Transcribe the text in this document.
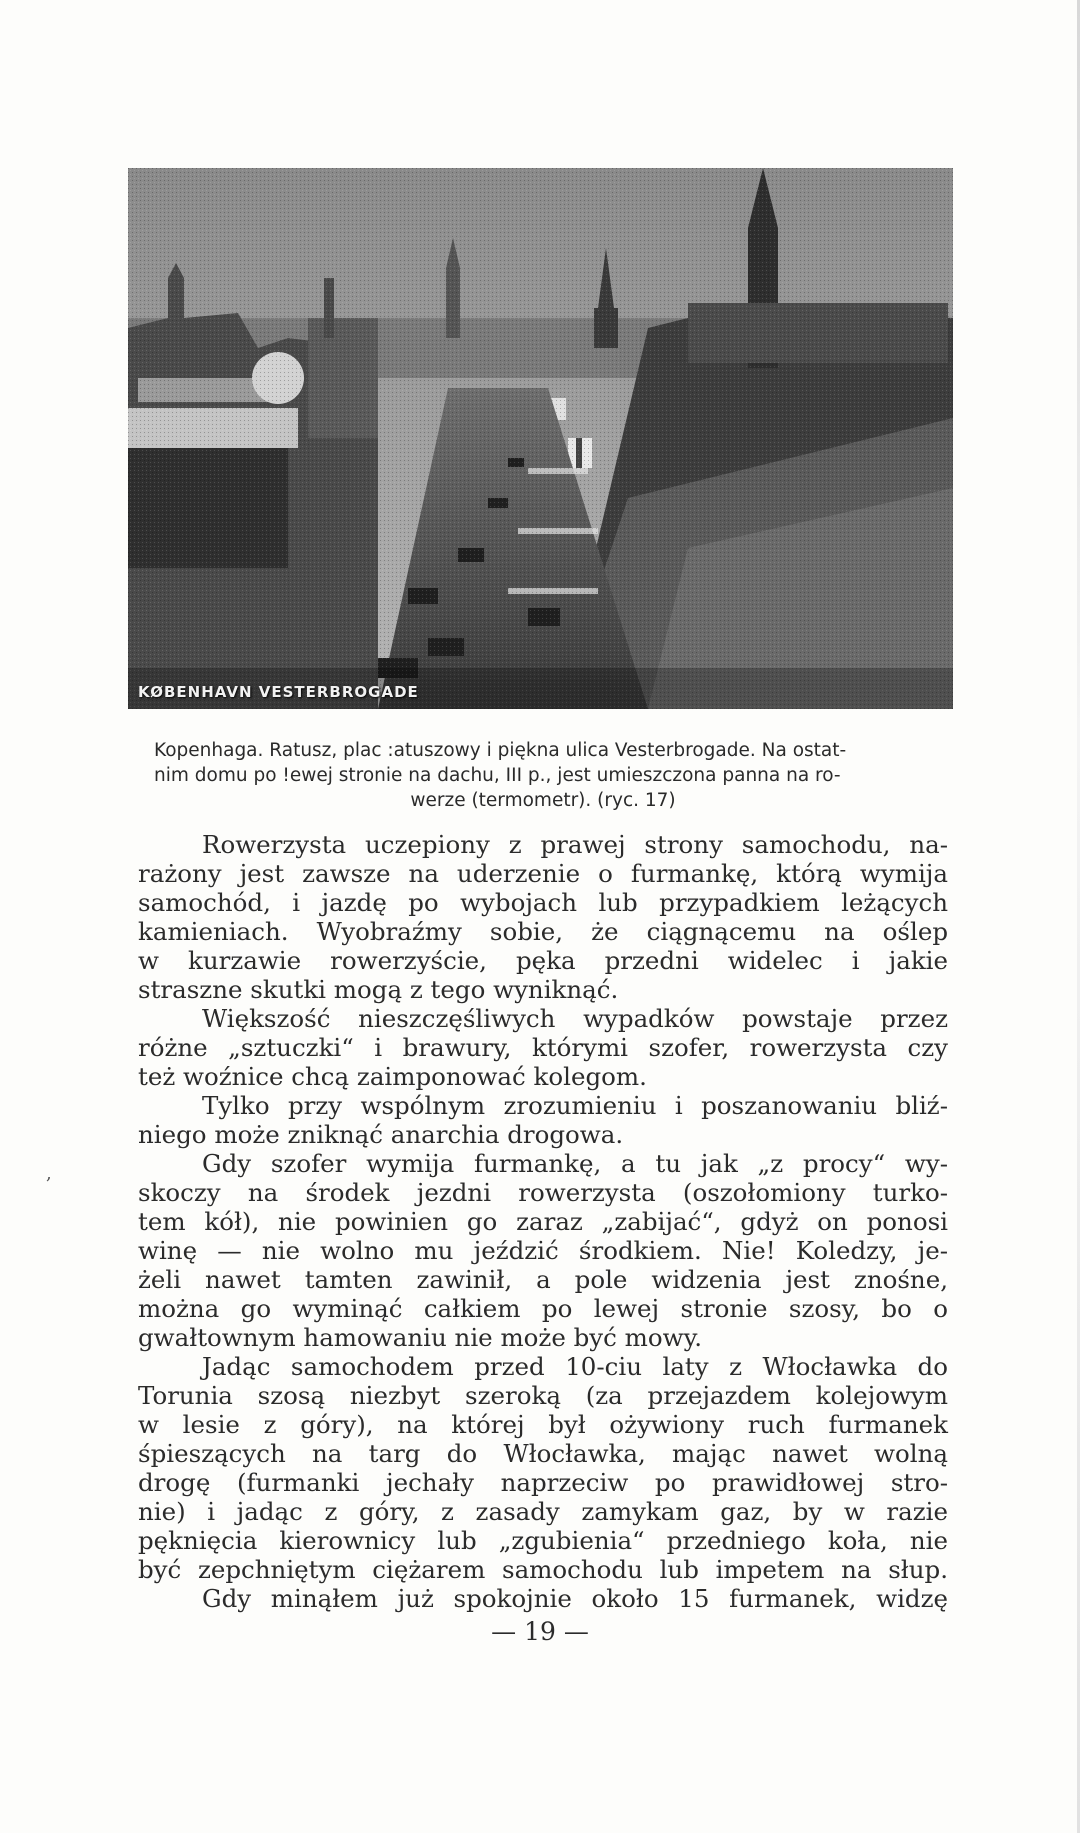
KØBENHAVN VESTERBROGADE
Kopenhaga. Ratusz, plac :atuszowy i piękna ulica Vesterbrogade. Na ostat-
nim domu po !ewej stronie na dachu, III p., jest umieszczona panna na ro-
werze (termometr). (ryc. 17)
Rowerzysta uczepiony z prawej strony samochodu, na-
rażony jest zawsze na uderzenie o furmankę, którą wymija
samochód, i jazdę po wybojach lub przypadkiem leżących
kamieniach. Wyobraźmy sobie, że ciągnącemu na oślep
w kurzawie rowerzyście, pęka przedni widelec i jakie
straszne skutki mogą z tego wyniknąć.
Większość nieszczęśliwych wypadków powstaje przez
różne „sztuczki“ i brawury, którymi szofer, rowerzysta czy
też woźnice chcą zaimponować kolegom.
Tylko przy wspólnym zrozumieniu i poszanowaniu bliź-
niego może zniknąć anarchia drogowa.
Gdy szofer wymija furmankę, a tu jak „z procy“ wy-
skoczy na środek jezdni rowerzysta (oszołomiony turko-
tem kół), nie powinien go zaraz „zabijać“, gdyż on ponosi
winę — nie wolno mu jeździć środkiem. Nie! Koledzy, je-
żeli nawet tamten zawinił, a pole widzenia jest znośne,
można go wyminąć całkiem po lewej stronie szosy, bo o
gwałtownym hamowaniu nie może być mowy.
Jadąc samochodem przed 10-ciu laty z Włocławka do
Torunia szosą niezbyt szeroką (za przejazdem kolejowym
w lesie z góry), na której był ożywiony ruch furmanek
śpieszących na targ do Włocławka, mając nawet wolną
drogę (furmanki jechały naprzeciw po prawidłowej stro-
nie) i jadąc z góry, z zasady zamykam gaz, by w razie
pęknięcia kierownicy lub „zgubienia“ przedniego koła, nie
być zepchniętym ciężarem samochodu lub impetem na słup.
Gdy minąłem już spokojnie około 15 furmanek, widzę
,
— 19 —
